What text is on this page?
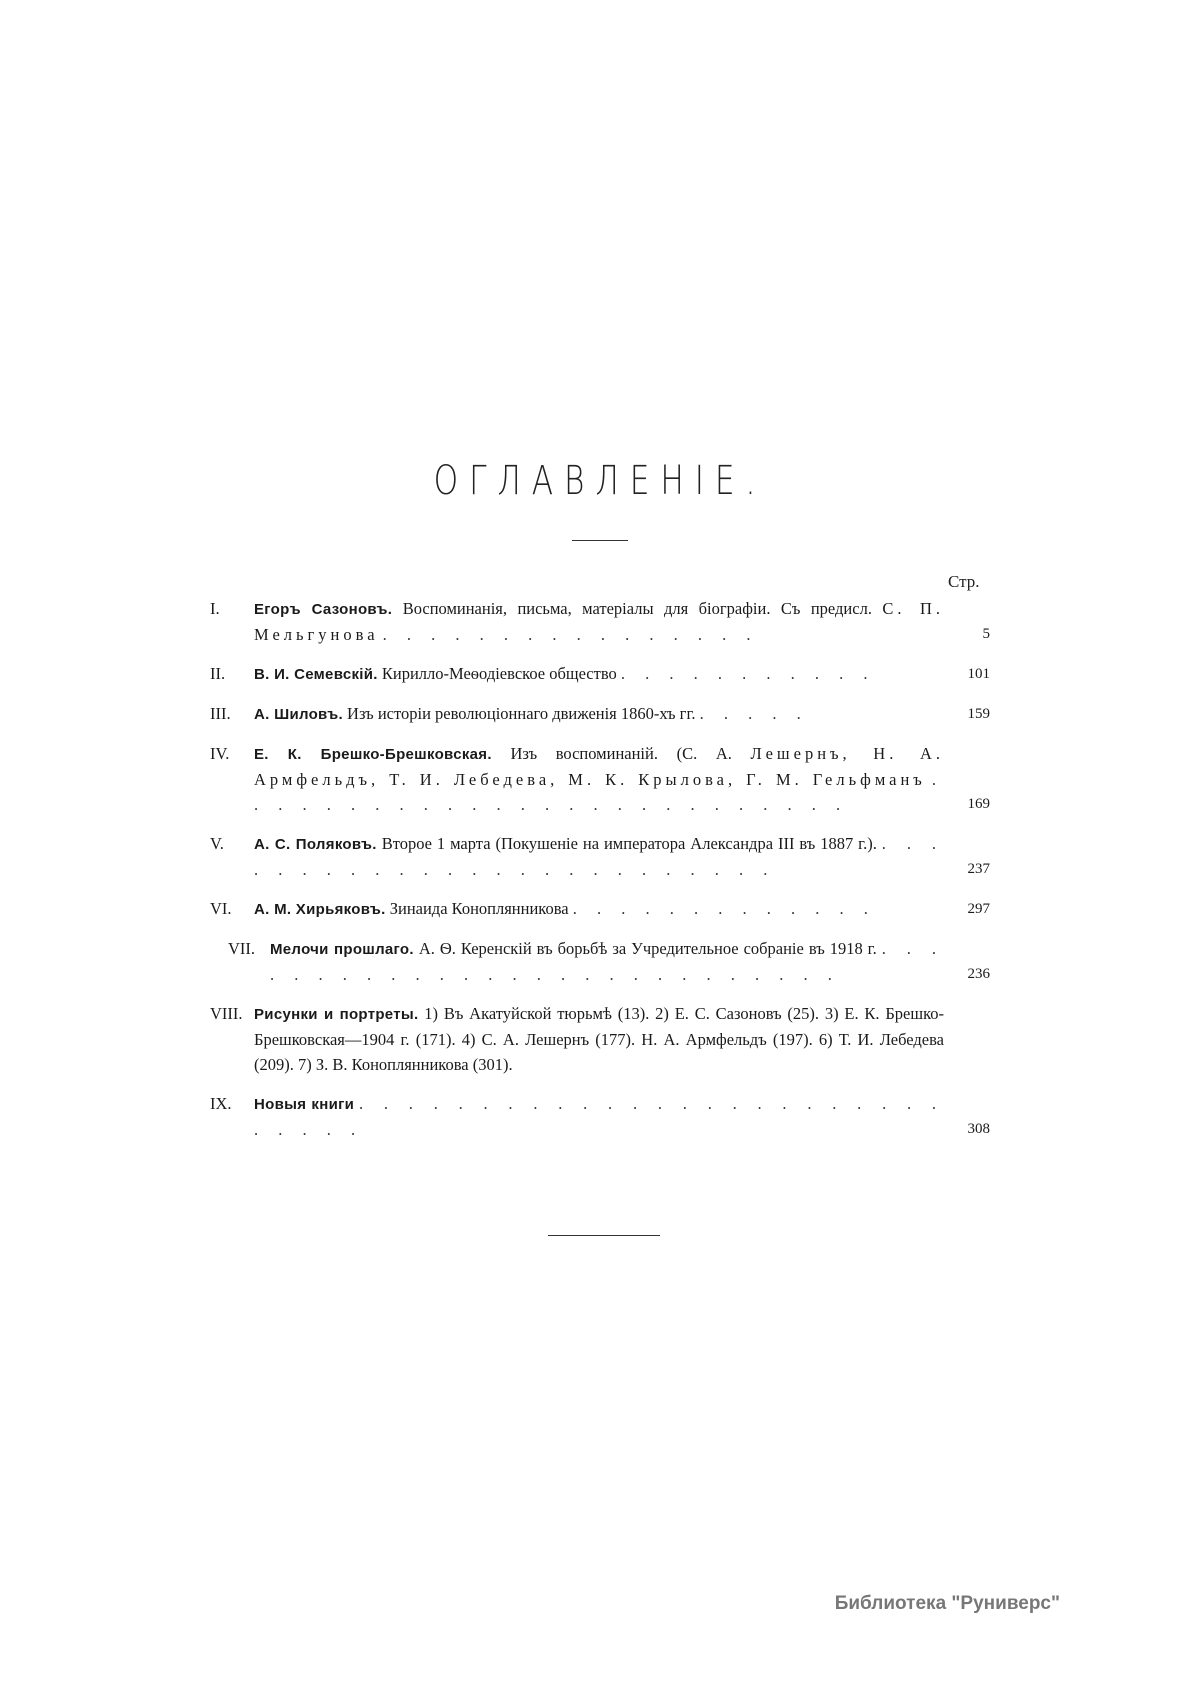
ОГЛАВЛЕНІЕ.
Стр.
I.	Егоръ Сазоновъ. Воспоминанія, письма, матеріалы для біографіи. Съ предисл. С. П. Мельгунова . . . . . . . . . . . . . . . .	5
II.	В. И. Семевскій. Кирилло-Меѳодіевское общество . . . . . . . . . . .	101
III.	А. Шиловъ. Изъ исторіи революціоннаго движенія 1860-хъ гг. . . . . .	159
IV.	Е. К. Брешко-Брешковская. Изъ воспоминаній. (С. А. Лешернъ, Н. А. Армфельдъ, Т. И. Лебедева, М. К. Крылова, Г. М. Гельфманъ . . . . . . . . . . . . . . . . . . . . . . . . . .	169
V.	А. С. Поляковъ. Второе 1 марта (Покушеніе на императора Александра III въ 1887 г.). . . . . . . . . . . . . . . . . . . . . . . . . .	237
VI.	А. М. Хирьяковъ. Зинаида Коноплянникова . . . . . . . . . . . . .	297
VII. Мелочи прошлаго. А. Ѳ. Керенскій въ борьбѣ за Учредительное собраніе въ 1918 г. . . . . . . . . . . . . . . . . . . . . . . . . . . .	236
VIII. Рисунки и портреты. 1) Въ Акатуйской тюрьмѣ (13). 2) Е. С. Сазоновъ (25). 3) Е. К. Брешко-Брешковская—1904 г. (171). 4) С. А. Лешернъ (177). Н. А. Армфельдъ (197). 6) Т. И. Лебедева (209). 7) З. В. Коноплянникова (301).
IX.	Новыя книги . . . . . . . . . . . . . . . . . . . . . . . . . . . . .	308
Библиотека "Руниверс"
